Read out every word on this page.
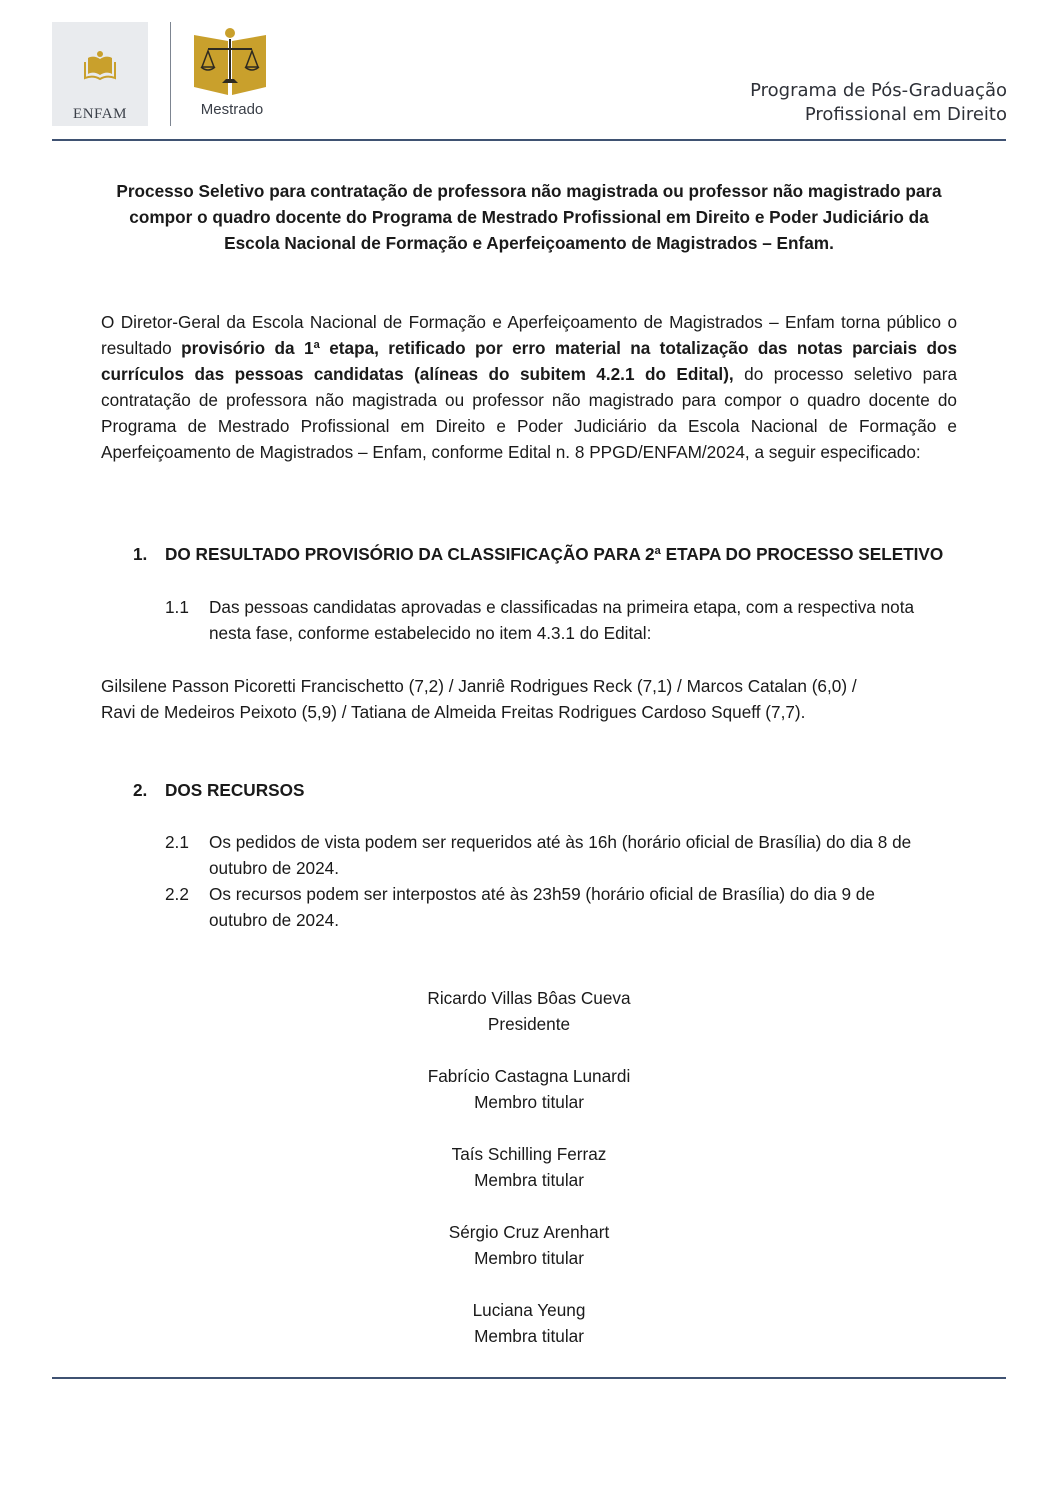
ENFAM	Mestrado
Programa de Pós-Graduação
Profissional em Direito
Processo Seletivo para contratação de professora não magistrada ou professor não magistrado para compor o quadro docente do Programa de Mestrado Profissional em Direito e Poder Judiciário da Escola Nacional de Formação e Aperfeiçoamento de Magistrados – Enfam.

O Diretor-Geral da Escola Nacional de Formação e Aperfeiçoamento de Magistrados – Enfam torna público o resultado provisório da 1ª etapa, retificado por erro material na totalização das notas parciais dos currículos das pessoas candidatas (alíneas do subitem 4.2.1 do Edital), do processo seletivo para contratação de professora não magistrada ou professor não magistrado para compor o quadro docente do Programa de Mestrado Profissional em Direito e Poder Judiciário da Escola Nacional de Formação e Aperfeiçoamento de Magistrados – Enfam, conforme Edital n. 8 PPGD/ENFAM/2024, a seguir especificado:

1. DO RESULTADO PROVISÓRIO DA CLASSIFICAÇÃO PARA 2ª ETAPA DO PROCESSO SELETIVO
1.1 Das pessoas candidatas aprovadas e classificadas na primeira etapa, com a respectiva nota nesta fase, conforme estabelecido no item 4.3.1 do Edital:
Gilsilene Passon Picoretti Francischetto (7,2) / Janriê Rodrigues Reck (7,1) / Marcos Catalan (6,0) /
Ravi de Medeiros Peixoto (5,9) / Tatiana de Almeida Freitas Rodrigues Cardoso Squeff (7,7).
2. DOS RECURSOS
2.1 Os pedidos de vista podem ser requeridos até às 16h (horário oficial de Brasília) do dia 8 de outubro de 2024.
2.2 Os recursos podem ser interpostos até às 23h59 (horário oficial de Brasília) do dia 9 de outubro de 2024.
Ricardo Villas Bôas Cueva
Presidente
Fabrício Castagna Lunardi
Membro titular
Taís Schilling Ferraz
Membra titular
Sérgio Cruz Arenhart
Membro titular
Luciana Yeung
Membra titular
